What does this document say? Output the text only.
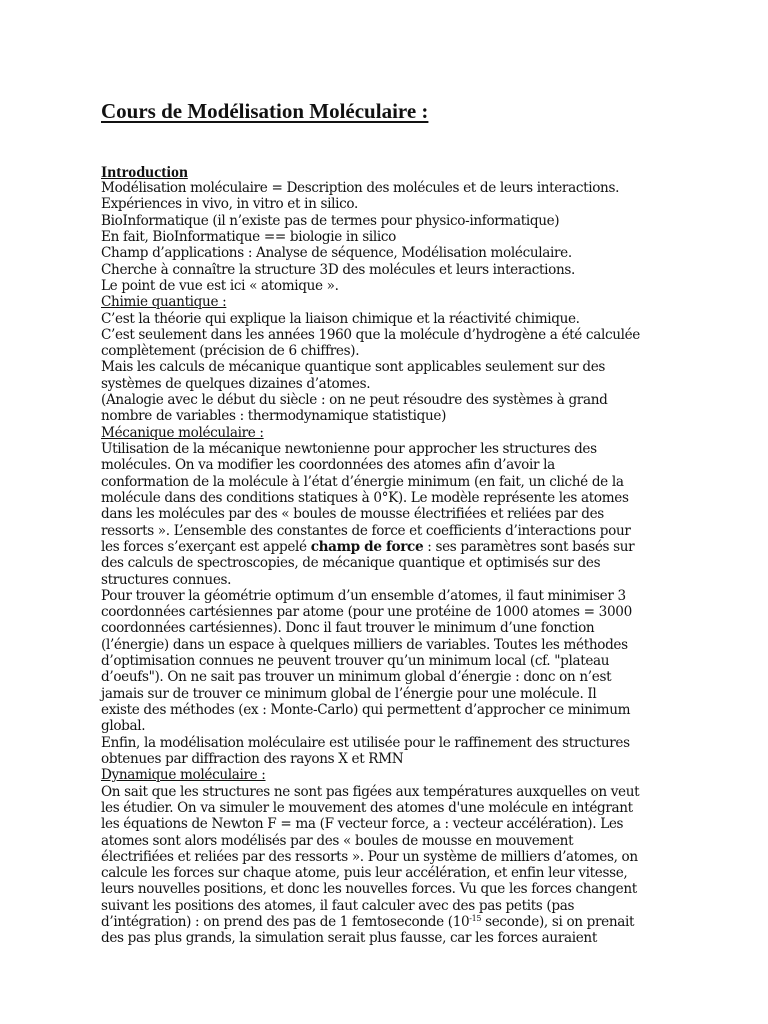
Cours de Modélisation Moléculaire :
Introduction
Modélisation moléculaire = Description des molécules et de leurs interactions.
Expériences in vivo, in vitro et in silico.
BioInformatique (il n’existe pas de termes pour physico-informatique)
En fait, BioInformatique == biologie in silico
Champ d’applications : Analyse de séquence, Modélisation moléculaire.
Cherche à connaître la structure 3D des molécules et leurs interactions.
Le point de vue est ici « atomique ».
Chimie quantique :
C’est la théorie qui explique la liaison chimique et la réactivité chimique.
C’est seulement dans les années 1960 que la molécule d’hydrogène a été calculée
complètement (précision de 6 chiffres).
Mais les calculs de mécanique quantique sont applicables seulement sur des
systèmes de quelques dizaines d’atomes.
(Analogie avec le début du siècle : on ne peut résoudre des systèmes à grand
nombre de variables : thermodynamique statistique)
Mécanique moléculaire :
Utilisation de la mécanique newtonienne pour approcher les structures des
molécules. On va modifier les coordonnées des atomes afin d’avoir la
conformation de la molécule à l’état d’énergie minimum (en fait, un cliché de la
molécule dans des conditions statiques à 0°K). Le modèle représente les atomes
dans les molécules par des « boules de mousse électrifiées et reliées par des
ressorts ». L’ensemble des constantes de force et coefficients d’interactions pour
les forces s’exerçant est appelé champ de force : ses paramètres sont basés sur
des calculs de spectroscopies, de mécanique quantique et optimisés sur des
structures connues.
Pour trouver la géométrie optimum d’un ensemble d’atomes, il faut minimiser 3
coordonnées cartésiennes par atome (pour une protéine de 1000 atomes = 3000
coordonnées cartésiennes). Donc il faut trouver le minimum d’une fonction
(l’énergie) dans un espace à quelques milliers de variables. Toutes les méthodes
d’optimisation connues ne peuvent trouver qu’un minimum local (cf. "plateau
d’oeufs"). On ne sait pas trouver un minimum global d’énergie : donc on n’est
jamais sur de trouver ce minimum global de l’énergie pour une molécule. Il
existe des méthodes (ex : Monte-Carlo) qui permettent d’approcher ce minimum
global.
Enfin, la modélisation moléculaire est utilisée pour le raffinement des structures
obtenues par diffraction des rayons X et RMN
Dynamique moléculaire :
On sait que les structures ne sont pas figées aux températures auxquelles on veut
les étudier. On va simuler le mouvement des atomes d'une molécule en intégrant
les équations de Newton F = ma (F vecteur force, a : vecteur accélération). Les
atomes sont alors modélisés par des « boules de mousse en mouvement
électrifiées et reliées par des ressorts ». Pour un système de milliers d’atomes, on
calcule les forces sur chaque atome, puis leur accélération, et enfin leur vitesse,
leurs nouvelles positions, et donc les nouvelles forces. Vu que les forces changent
suivant les positions des atomes, il faut calculer avec des pas petits (pas
d’intégration) : on prend des pas de 1 femtoseconde ($10^{-15}$ seconde), si on prenait
des pas plus grands, la simulation serait plus fausse, car les forces auraient
